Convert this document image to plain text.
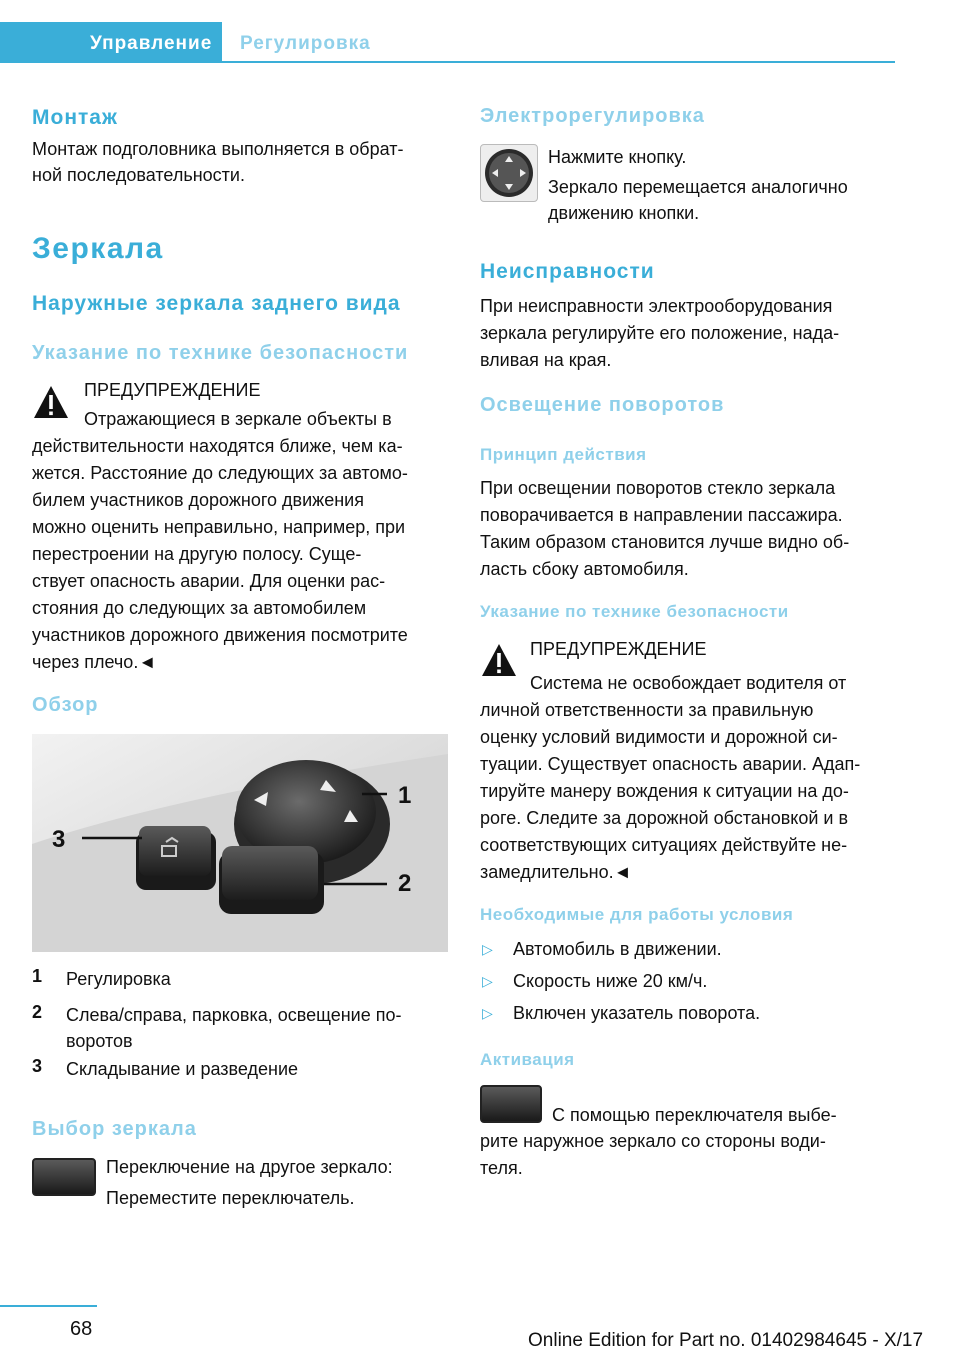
Управление	Регулировка
Монтаж
Монтаж подголовника выполняется в обрат-
ной последовательности.
Зеркала
Наружные зеркала заднего вида
Указание по технике безопасности
ПРЕДУПРЕЖДЕНИЕ
Отражающиеся в зеркале объекты в
действительности находятся ближе, чем ка-
жется. Расстояние до следующих за автомо-
билем участников дорожного движения
можно оценить неправильно, например, при
перестроении на другую полосу. Суще-
ствует опасность аварии. Для оценки рас-
стояния до следующих за автомобилем
участников дорожного движения посмотрите
через плечо.◄
Обзор
1
2
3
1 Регулировка
2 Слева/справа, парковка, освещение по-
воротов
3 Складывание и разведение
Выбор зеркала
Переключение на другое зеркало:
Переместите переключатель.
Электрорегулировка
Нажмите кнопку.
Зеркало перемещается аналогично
движению кнопки.
Неисправности
При неисправности электрооборудования
зеркала регулируйте его положение, нада-
вливая на края.
Освещение поворотов
Принцип действия
При освещении поворотов стекло зеркала
поворачивается в направлении пассажира.
Таким образом становится лучше видно об-
ласть сбоку автомобиля.
Указание по технике безопасности
ПРЕДУПРЕЖДЕНИЕ
Система не освобождает водителя от
личной ответственности за правильную
оценку условий видимости и дорожной си-
туации. Существует опасность аварии. Адап-
тируйте манеру вождения к ситуации на до-
роге. Следите за дорожной обстановкой и в
соответствующих ситуациях действуйте не-
замедлительно.◄
Необходимые для работы условия
▷ Автомобиль в движении.
▷ Скорость ниже 20 км/ч.
▷ Включен указатель поворота.
Активация
С помощью переключателя выбе-
рите наружное зеркало со стороны води-
теля.
68
Online Edition for Part no. 01402984645 - X/17
